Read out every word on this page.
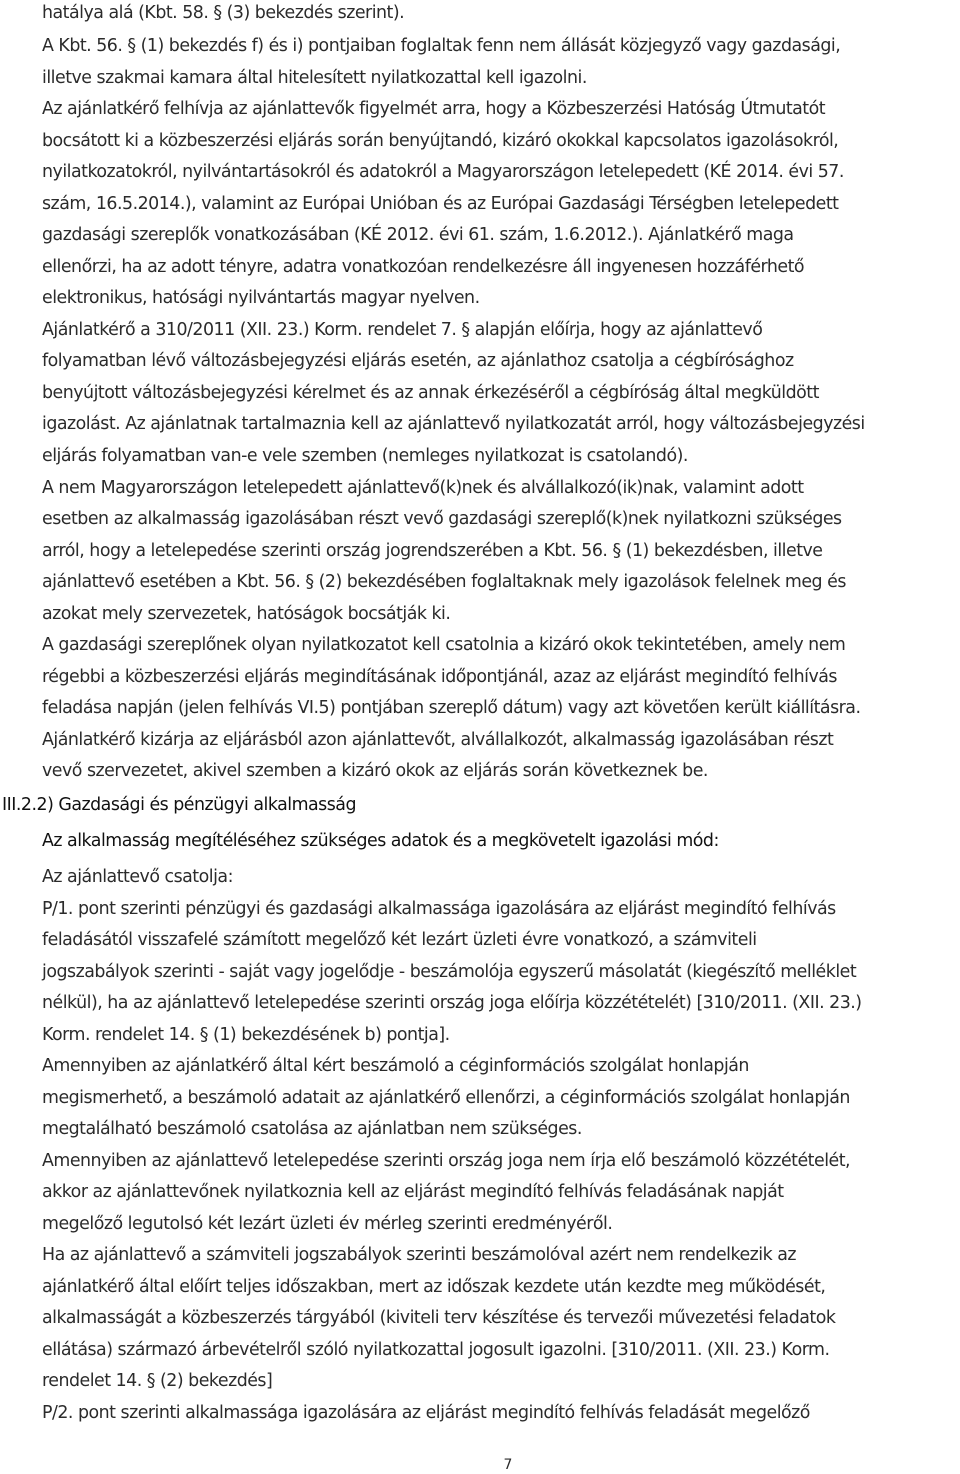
hatálya alá (Kbt. 58. § (3) bekezdés szerint).
A Kbt. 56. § (1) bekezdés f) és i) pontjaiban foglaltak fenn nem állását közjegyző vagy gazdasági,
illetve szakmai kamara által hitelesített nyilatkozattal kell igazolni.
Az ajánlatkérő felhívja az ajánlattevők figyelmét arra, hogy a Közbeszerzési Hatóság Útmutatót
bocsátott ki a közbeszerzési eljárás során benyújtandó, kizáró okokkal kapcsolatos igazolásokról,
nyilatkozatokról, nyilvántartásokról és adatokról a Magyarországon letelepedett (KÉ 2014. évi 57.
szám, 16.5.2014.), valamint az Európai Unióban és az Európai Gazdasági Térségben letelepedett
gazdasági szereplők vonatkozásában (KÉ 2012. évi 61. szám, 1.6.2012.). Ajánlatkérő maga
ellenőrzi, ha az adott tényre, adatra vonatkozóan rendelkezésre áll ingyenesen hozzáférhető
elektronikus, hatósági nyilvántartás magyar nyelven.
Ajánlatkérő a 310/2011 (XII. 23.) Korm. rendelet 7. § alapján előírja, hogy az ajánlattevő
folyamatban lévő változásbejegyzési eljárás esetén, az ajánlathoz csatolja a cégbírósághoz
benyújtott változásbejegyzési kérelmet és az annak érkezéséről a cégbíróság által megküldött
igazolást. Az ajánlatnak tartalmaznia kell az ajánlattevő nyilatkozatát arról, hogy változásbejegyzési
eljárás folyamatban van-e vele szemben (nemleges nyilatkozat is csatolandó).
A nem Magyarországon letelepedett ajánlattevő(k)nek és alvállalkozó(ik)nak, valamint adott
esetben az alkalmasság igazolásában részt vevő gazdasági szereplő(k)nek nyilatkozni szükséges
arról, hogy a letelepedése szerinti ország jogrendszerében a Kbt. 56. § (1) bekezdésben, illetve
ajánlattevő esetében a Kbt. 56. § (2) bekezdésében foglaltaknak mely igazolások felelnek meg és
azokat mely szervezetek, hatóságok bocsátják ki.
A gazdasági szereplőnek olyan nyilatkozatot kell csatolnia a kizáró okok tekintetében, amely nem
régebbi a közbeszerzési eljárás megindításának időpontjánál, azaz az eljárást megindító felhívás
feladása napján (jelen felhívás VI.5) pontjában szereplő dátum) vagy azt követően került kiállításra.
Ajánlatkérő kizárja az eljárásból azon ajánlattevőt, alvállalkozót, alkalmasság igazolásában részt
vevő szervezetet, akivel szemben a kizáró okok az eljárás során következnek be.
III.2.2) Gazdasági és pénzügyi alkalmasság
Az alkalmasság megítéléséhez szükséges adatok és a megkövetelt igazolási mód:
Az ajánlattevő csatolja:
P/1. pont szerinti pénzügyi és gazdasági alkalmassága igazolására az eljárást megindító felhívás
feladásától visszafelé számított megelőző két lezárt üzleti évre vonatkozó, a számviteli
jogszabályok szerinti - saját vagy jogelődje - beszámolója egyszerű másolatát (kiegészítő melléklet
nélkül), ha az ajánlattevő letelepedése szerinti ország joga előírja közzétételét) [310/2011. (XII. 23.)
Korm. rendelet 14. § (1) bekezdésének b) pontja].
Amennyiben az ajánlatkérő által kért beszámoló a céginformációs szolgálat honlapján
megismerhető, a beszámoló adatait az ajánlatkérő ellenőrzi, a céginformációs szolgálat honlapján
megtalálható beszámoló csatolása az ajánlatban nem szükséges.
Amennyiben az ajánlattevő letelepedése szerinti ország joga nem írja elő beszámoló közzétételét,
akkor az ajánlattevőnek nyilatkoznia kell az eljárást megindító felhívás feladásának napját
megelőző legutolsó két lezárt üzleti év mérleg szerinti eredményéről.
Ha az ajánlattevő a számviteli jogszabályok szerinti beszámolóval azért nem rendelkezik az
ajánlatkérő által előírt teljes időszakban, mert az időszak kezdete után kezdte meg működését,
alkalmasságát a közbeszerzés tárgyából (kiviteli terv készítése és tervezői művezetési feladatok
ellátása) származó árbevételről szóló nyilatkozattal jogosult igazolni. [310/2011. (XII. 23.) Korm.
rendelet 14. § (2) bekezdés]
P/2. pont szerinti alkalmassága igazolására az eljárást megindító felhívás feladását megelőző
7
